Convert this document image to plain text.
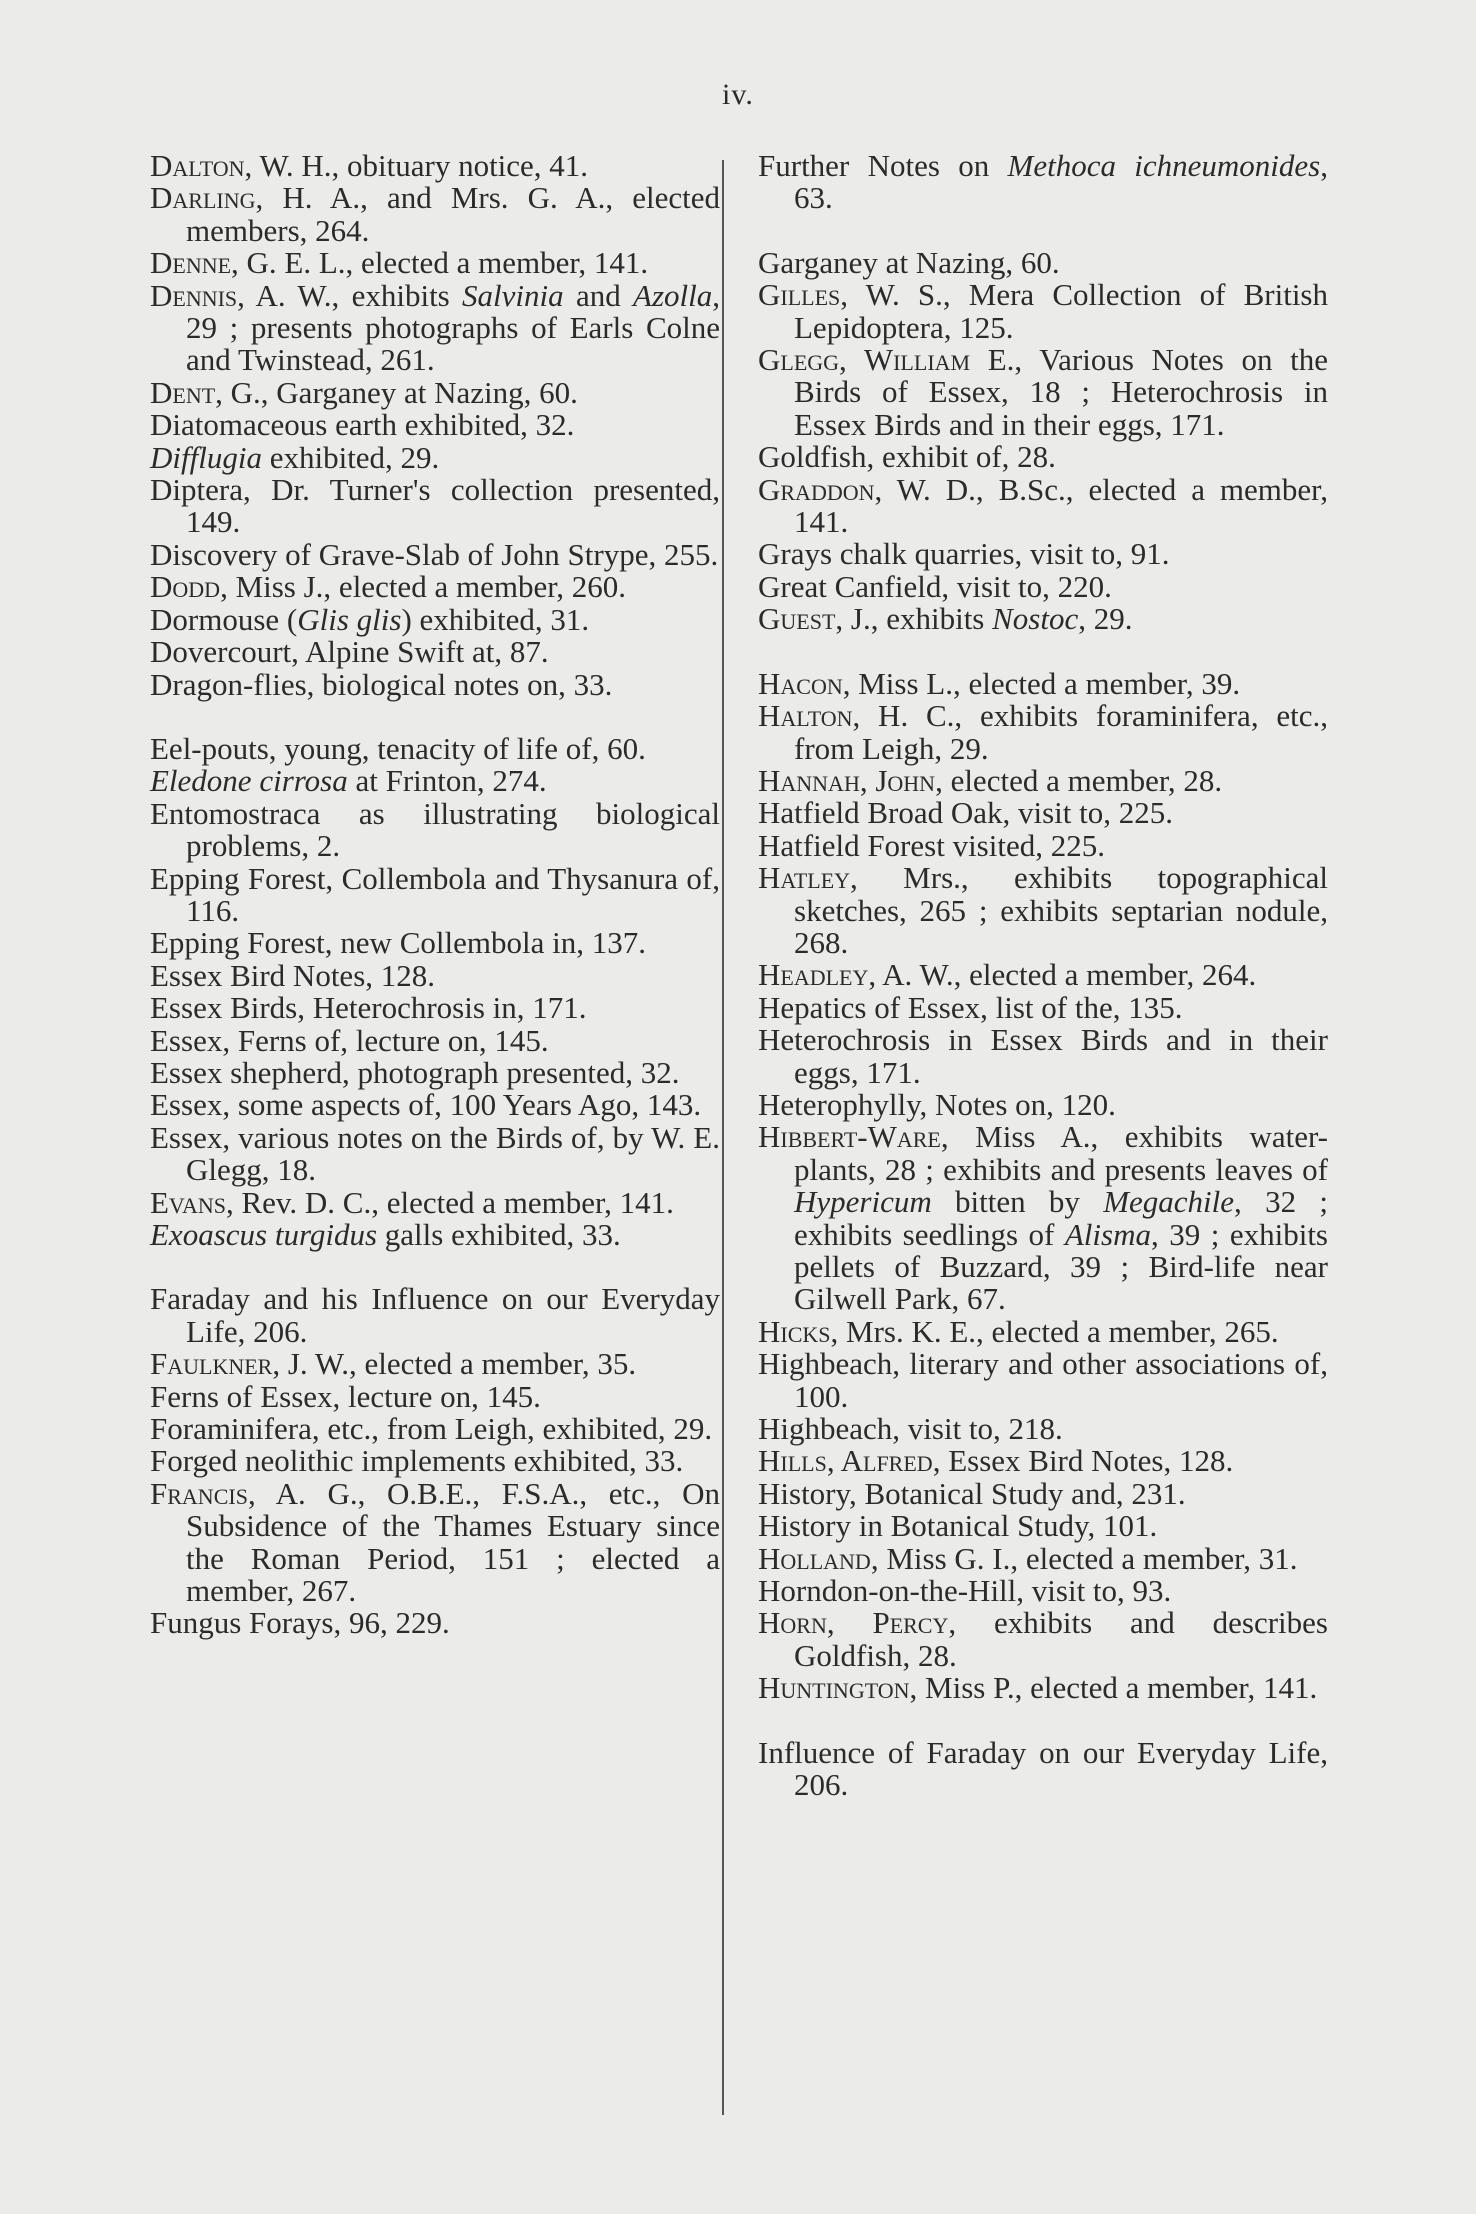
iv.
Dalton, W. H., obituary notice, 41.
Darling, H. A., and Mrs. G. A., elected members, 264.
Denne, G. E. L., elected a member, 141.
Dennis, A. W., exhibits Salvinia and Azolla, 29 ; presents photographs of Earls Colne and Twinstead, 261.
Dent, G., Garganey at Nazing, 60.
Diatomaceous earth exhibited, 32.
Difflugia exhibited, 29.
Diptera, Dr. Turner's collection presented, 149.
Discovery of Grave-Slab of John Strype, 255.
Dodd, Miss J., elected a member, 260.
Dormouse (Glis glis) exhibited, 31.
Dovercourt, Alpine Swift at, 87.
Dragon-flies, biological notes on, 33.
Eel-pouts, young, tenacity of life of, 60.
Eledone cirrosa at Frinton, 274.
Entomostraca as illustrating biological problems, 2.
Epping Forest, Collembola and Thysanura of, 116.
Epping Forest, new Collembola in, 137.
Essex Bird Notes, 128.
Essex Birds, Heterochrosis in, 171.
Essex, Ferns of, lecture on, 145.
Essex shepherd, photograph presented, 32.
Essex, some aspects of, 100 Years Ago, 143.
Essex, various notes on the Birds of, by W. E. Glegg, 18.
Evans, Rev. D. C., elected a member, 141.
Exoascus turgidus galls exhibited, 33.
Faraday and his Influence on our Everyday Life, 206.
Faulkner, J. W., elected a member, 35.
Ferns of Essex, lecture on, 145.
Foraminifera, etc., from Leigh, exhibited, 29.
Forged neolithic implements exhibited, 33.
Francis, A. G., O.B.E., F.S.A., etc., On Subsidence of the Thames Estuary since the Roman Period, 151 ; elected a member, 267.
Fungus Forays, 96, 229.
Further Notes on Methoca ichneumonides, 63.
Garganey at Nazing, 60.
Gilles, W. S., Mera Collection of British Lepidoptera, 125.
Glegg, William E., Various Notes on the Birds of Essex, 18 ; Heterochrosis in Essex Birds and in their eggs, 171.
Goldfish, exhibit of, 28.
Graddon, W. D., B.Sc., elected a member, 141.
Grays chalk quarries, visit to, 91.
Great Canfield, visit to, 220.
Guest, J., exhibits Nostoc, 29.
Hacon, Miss L., elected a member, 39.
Halton, H. C., exhibits foraminifera, etc., from Leigh, 29.
Hannah, John, elected a member, 28.
Hatfield Broad Oak, visit to, 225.
Hatfield Forest visited, 225.
Hatley, Mrs., exhibits topographical sketches, 265 ; exhibits septarian nodule, 268.
Headley, A. W., elected a member, 264.
Hepatics of Essex, list of the, 135.
Heterochrosis in Essex Birds and in their eggs, 171.
Heterophylly, Notes on, 120.
Hibbert-Ware, Miss A., exhibits water-plants, 28 ; exhibits and presents leaves of Hypericum bitten by Megachile, 32 ; exhibits seedlings of Alisma, 39 ; exhibits pellets of Buzzard, 39 ; Bird-life near Gilwell Park, 67.
Hicks, Mrs. K. E., elected a member, 265.
Highbeach, literary and other associations of, 100.
Highbeach, visit to, 218.
Hills, Alfred, Essex Bird Notes, 128.
History, Botanical Study and, 231.
History in Botanical Study, 101.
Holland, Miss G. I., elected a member, 31.
Horndon-on-the-Hill, visit to, 93.
Horn, Percy, exhibits and describes Goldfish, 28.
Huntington, Miss P., elected a member, 141.
Influence of Faraday on our Everyday Life, 206.
